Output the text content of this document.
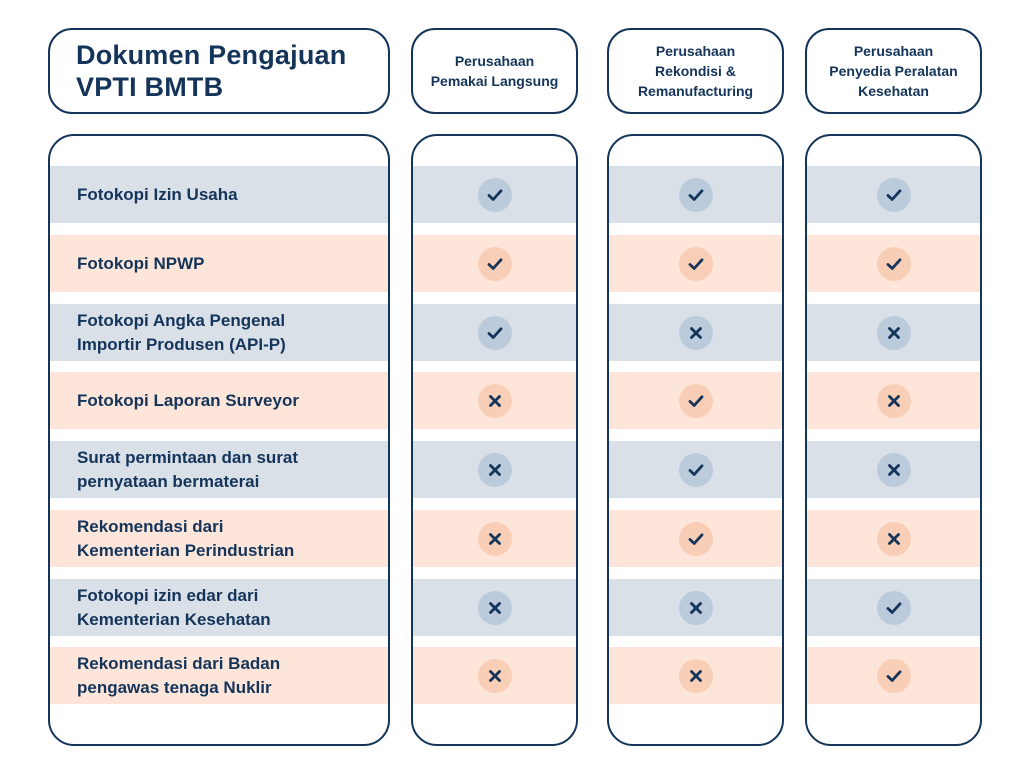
Dokumen Pengajuan
VPTI BMTB
Perusahaan
Pemakai Langsung
Perusahaan
Rekondisi &
Remanufacturing
Perusahaan
Penyedia Peralatan
Kesehatan
Fotokopi Izin Usaha
Fotokopi NPWP
Fotokopi Angka Pengenal
Importir Produsen (API-P)
Fotokopi Laporan Surveyor
Surat permintaan dan surat
pernyataan bermaterai
Rekomendasi dari
Kementerian Perindustrian
Fotokopi izin edar dari
Kementerian Kesehatan
Rekomendasi dari Badan
pengawas tenaga Nuklir
